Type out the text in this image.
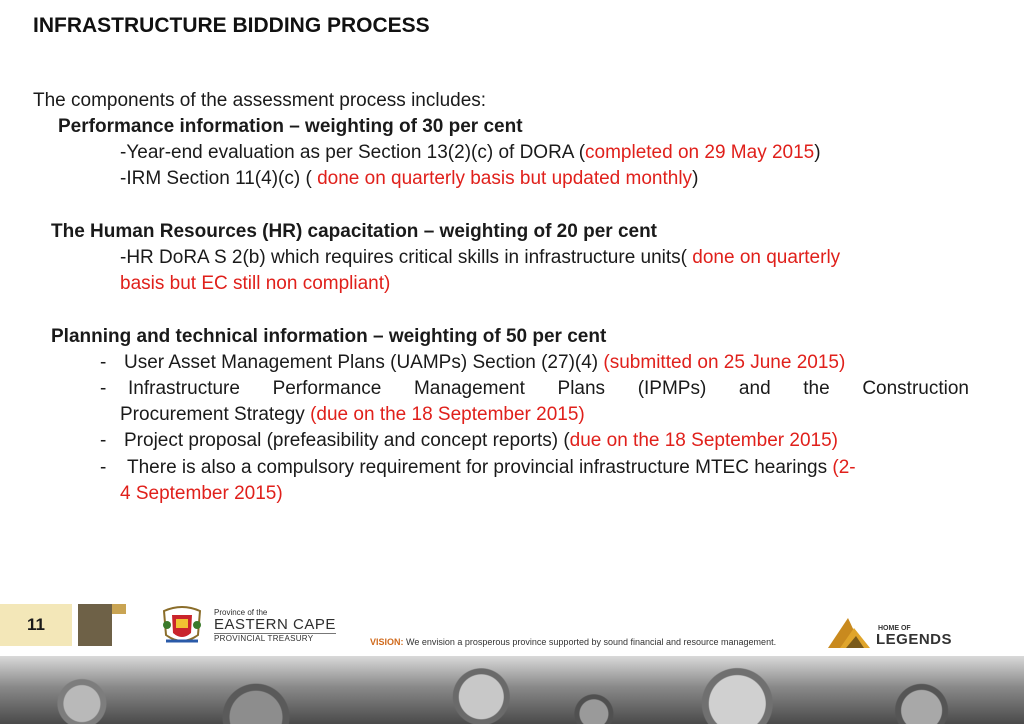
INFRASTRUCTURE BIDDING PROCESS
The components of the assessment process includes:
Performance information – weighting of 30 per cent
-Year-end evaluation as per Section 13(2)(c) of DORA (completed on 29 May 2015)
-IRM Section 11(4)(c) ( done on quarterly basis but updated monthly)
The Human Resources (HR) capacitation – weighting of 20 per cent
-HR DoRA S 2(b) which requires critical skills in infrastructure units( done on quarterly
basis but EC still non compliant)
Planning and technical information – weighting of 50 per cent
- User Asset Management Plans (UAMPs) Section (27)(4) (submitted on 25 June 2015)
- Infrastructure Performance Management Plans (IPMPs) and the Construction
Procurement Strategy (due on the 18 September 2015)
- Project proposal (prefeasibility and concept reports) (due on the 18 September 2015)
- There is also a compulsory requirement for provincial infrastructure MTEC hearings (2-
4 September 2015)
11
Province of the
EASTERN CAPE
PROVINCIAL TREASURY	VISION: We envision a prosperous province supported by sound financial and resource management.
HOME OF
LEGENDS
